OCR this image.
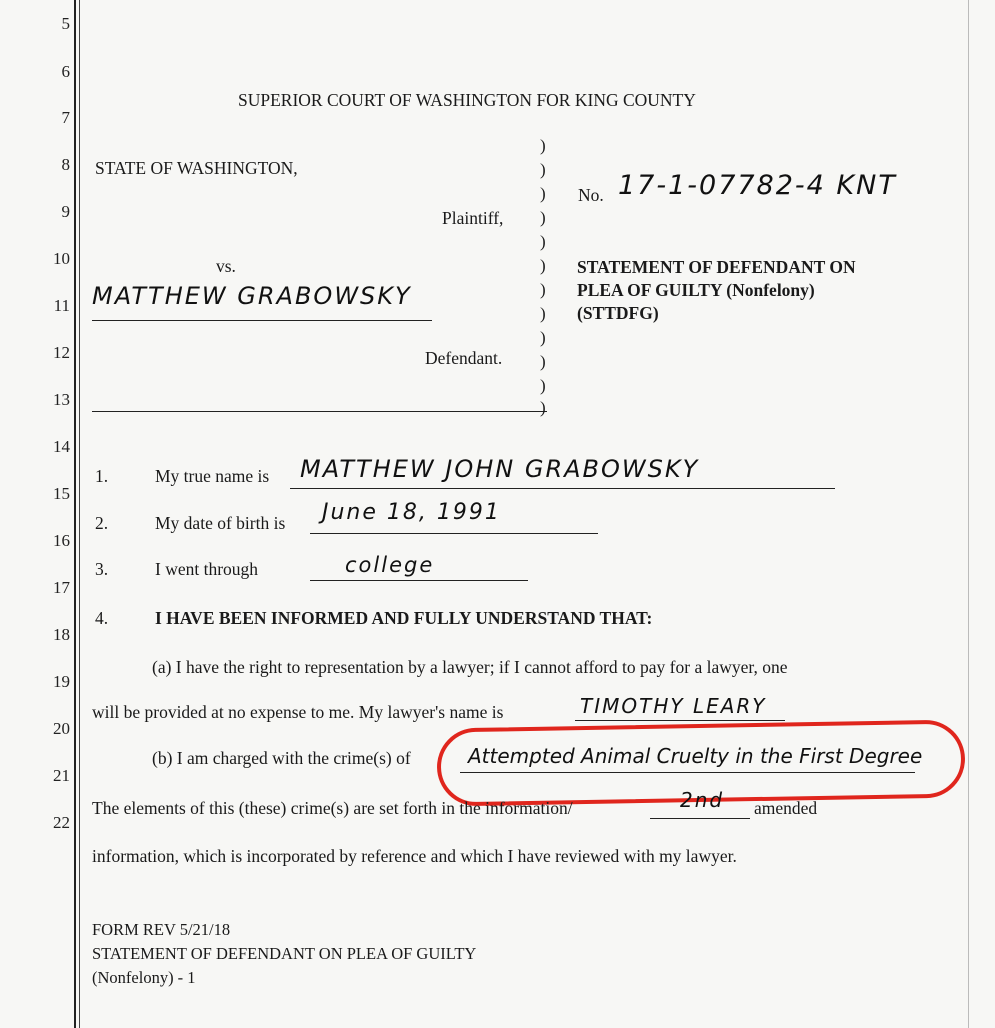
5
6
7
8
9
10
11
12
13
14
15
16
17
18
19
20
21
22
SUPERIOR COURT OF WASHINGTON FOR KING COUNTY
STATE OF WASHINGTON,
Plaintiff,
vs.
MATTHEW GRABOWSKY
Defendant.
)
)
)
)
)
)
)
)
)
)
)
)
No. 17-1-07782-4 KNT
STATEMENT OF DEFENDANT ON
PLEA OF GUILTY (Nonfelony)
(STTDFG)
1.	My true name is MATTHEW JOHN GRABOWSKY
2.	My date of birth is June 18, 1991
3.	I went through	college
4.	I HAVE BEEN INFORMED AND FULLY UNDERSTAND THAT:
(a) I have the right to representation by a lawyer; if I cannot afford to pay for a lawyer, one
will be provided at no expense to me. My lawyer's name is	TIMOTHY LEARY
(b) I am charged with the crime(s) of	Attempted Animal Cruelty in the First Degree
The elements of this (these) crime(s) are set forth in the information/	2nd amended
information, which is incorporated by reference and which I have reviewed with my lawyer.
FORM REV 5/21/18
STATEMENT OF DEFENDANT ON PLEA OF GUILTY
(Nonfelony) - 1
